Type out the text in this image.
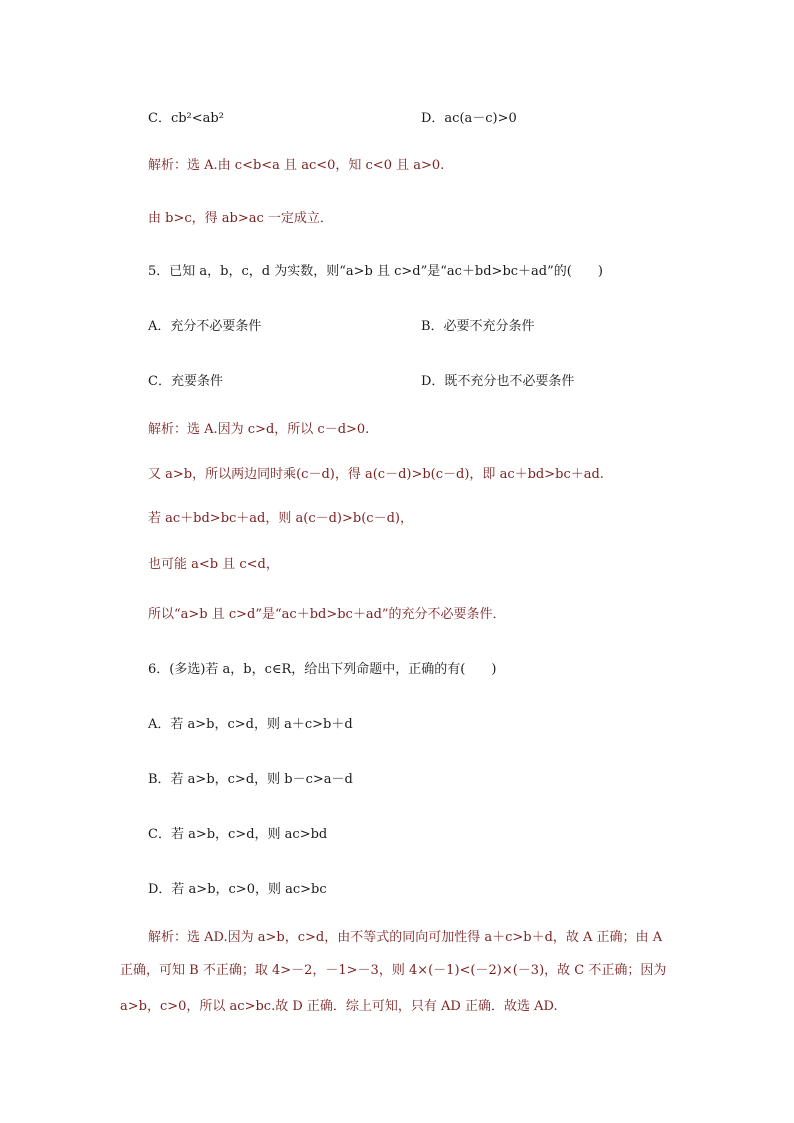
C．cb²<ab²	D．ac(a－c)>0
解析：选 A.由 c<b<a 且 ac<0，知 c<0 且 a>0.
由 b>c，得 ab>ac 一定成立．
5．已知 a，b，c，d 为实数，则“a>b 且 c>d”是“ac＋bd>bc＋ad”的(　　)
A．充分不必要条件	B．必要不充分条件
C．充要条件	D．既不充分也不必要条件
解析：选 A.因为 c>d，所以 c－d>0.
又 a>b，所以两边同时乘(c－d)，得 a(c－d)>b(c－d)，即 ac＋bd>bc＋ad.
若 ac＋bd>bc＋ad，则 a(c－d)>b(c－d)，
也可能 a<b 且 c<d，
所以“a>b 且 c>d”是“ac＋bd>bc＋ad”的充分不必要条件．
6．(多选)若 a，b，c∈R，给出下列命题中，正确的有(　　)
A．若 a>b，c>d，则 a＋c>b＋d
B．若 a>b，c>d，则 b－c>a－d
C．若 a>b，c>d，则 ac>bd
D．若 a>b，c>0，则 ac>bc
解析：选 AD.因为 a>b，c>d，由不等式的同向可加性得 a＋c>b＋d，故 A 正确；由 A
正确，可知 B 不正确；取 4>－2，－1>－3，则 4×(－1)<(－2)×(－3)，故 C 不正确；因为
a>b，c>0，所以 ac>bc.故 D 正确．综上可知，只有 AD 正确．故选 AD.
